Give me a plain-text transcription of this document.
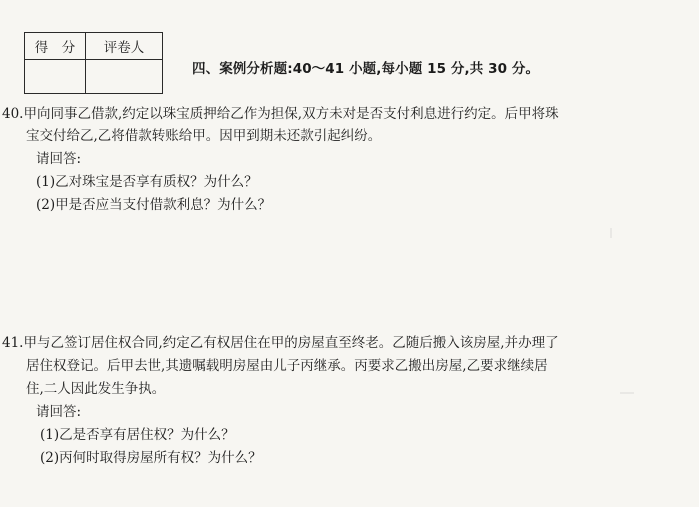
得　分	评卷人

四、案例分析题:40～41 小题,每小题 15 分,共 30 分。
40.甲向同事乙借款,约定以珠宝质押给乙作为担保,双方未对是否支付利息进行约定。后甲将珠
宝交付给乙,乙将借款转账给甲。因甲到期未还款引起纠纷。
请回答:
(1)乙对珠宝是否享有质权？为什么？
(2)甲是否应当支付借款利息？为什么？
41.甲与乙签订居住权合同,约定乙有权居住在甲的房屋直至终老。乙随后搬入该房屋,并办理了
居住权登记。后甲去世,其遗嘱载明房屋由儿子丙继承。丙要求乙搬出房屋,乙要求继续居
住,二人因此发生争执。
请回答:
(1)乙是否享有居住权？为什么？
(2)丙何时取得房屋所有权？为什么？
